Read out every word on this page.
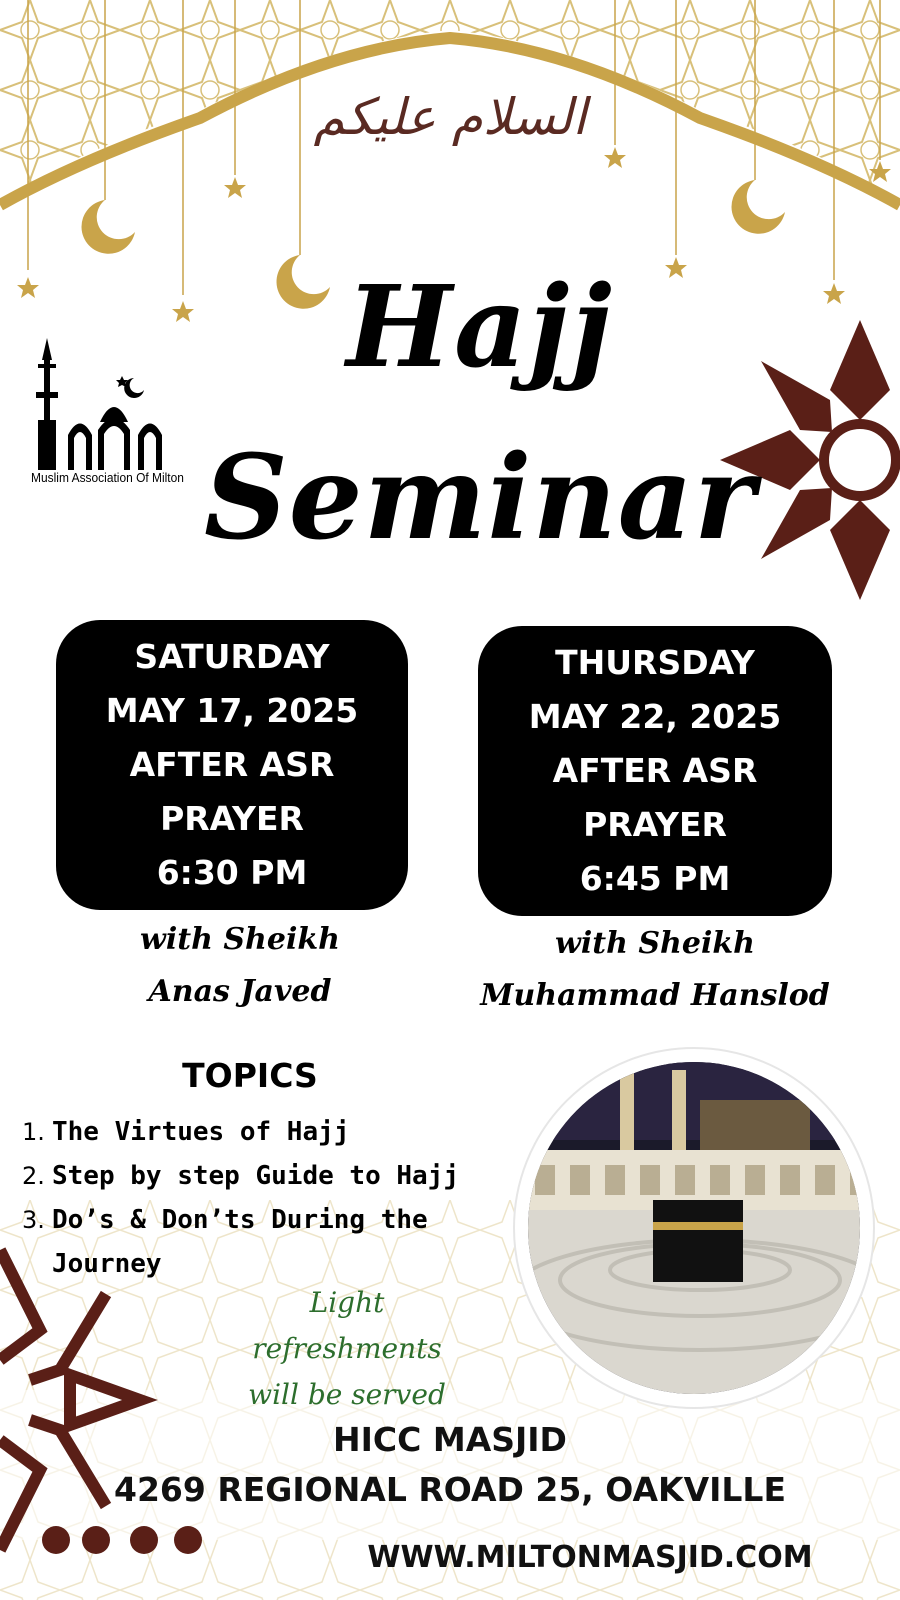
السلام عليكم
Hajj
Seminar
Muslim Association Of Milton
SATURDAY
MAY 17, 2025
AFTER ASR
PRAYER
6:30 PM
THURSDAY
MAY 22, 2025
AFTER ASR
PRAYER
6:45 PM
with Sheikh
Anas Javed
with Sheikh
Muhammad Hanslod
TOPICS
1. The Virtues of Hajj
2. Step by step Guide to Hajj
3. Do’s & Don’ts During the Journey
Light refreshments
will be served
HICC MASJID
4269 REGIONAL ROAD 25, OAKVILLE
WWW.MILTONMASJID.COM
